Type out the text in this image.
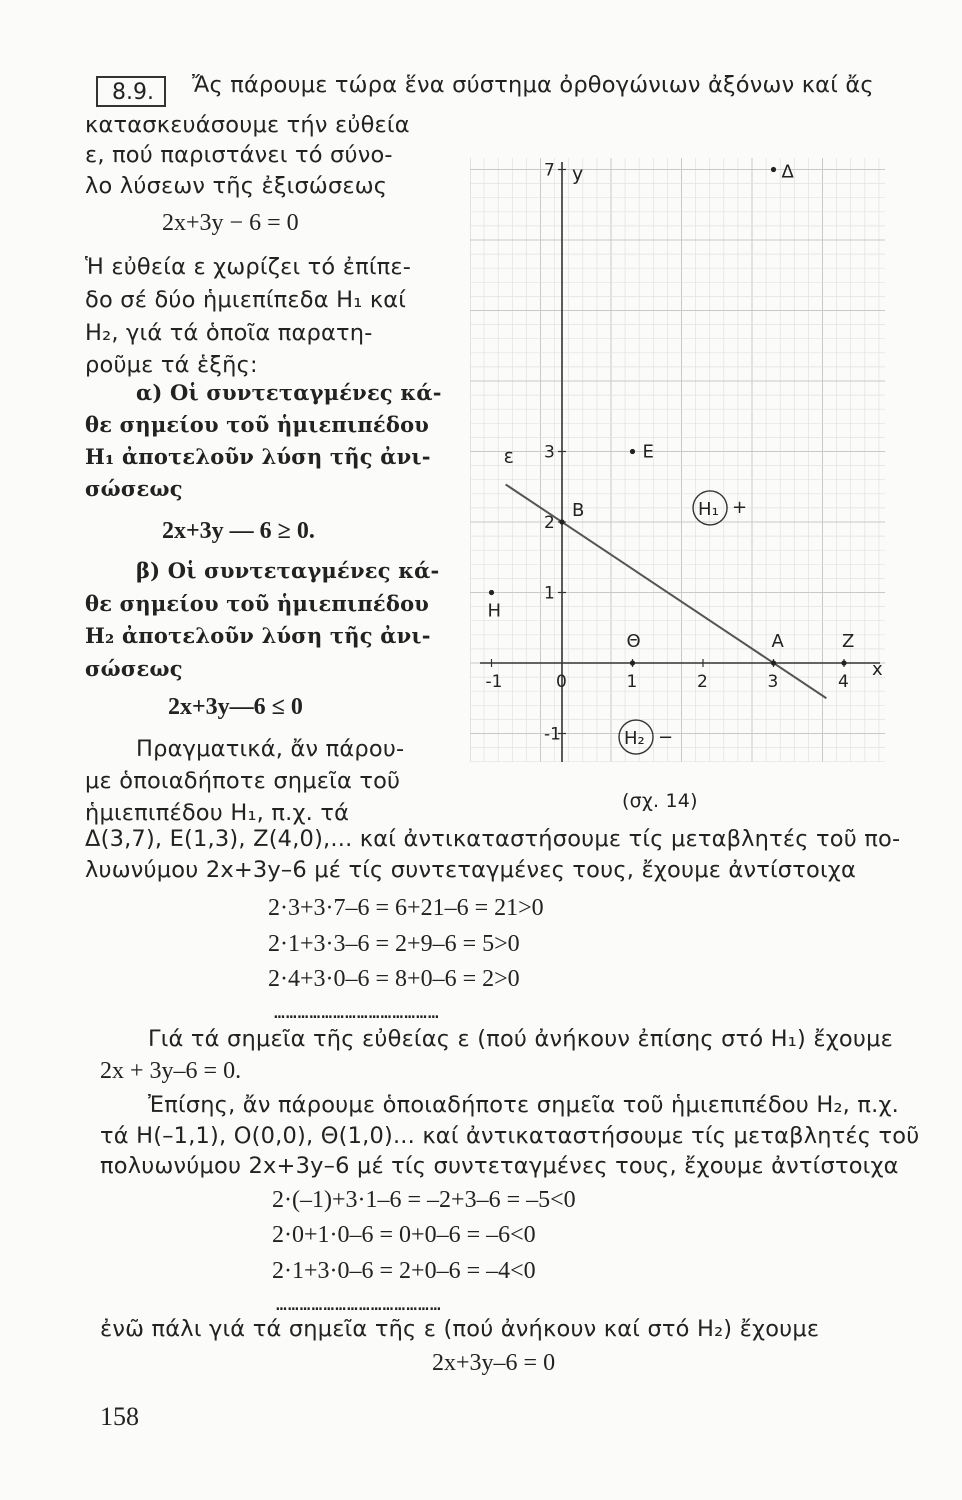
8.9.	Ἄς πάρουμε τώρα ἕνα σύστημα ὀρθογώνιων ἀξόνων καί ἄς
κατασκευάσουμε τήν εὐθεία
ε, πού παριστάνει τό σύνο-
λο λύσεων τῆς ἐξισώσεως
2x+3y − 6 = 0
Ἡ εὐθεία ε χωρίζει τό ἐπίπε-
δο σέ δύο ἡμιεπίπεδα H₁ καί
H₂, γιά τά ὁποῖα παρατη-
ροῦμε τά ἑξῆς:
α) Οἱ συντεταγμένες κά-
θε σημείου τοῦ ἡμιεπιπέδου
H₁ ἀποτελοῦν λύση τῆς ἀνι-
σώσεως
2x+3y — 6 ≥ 0.
β) Οἱ συντεταγμένες κά-
θε σημείου τοῦ ἡμιεπιπέδου
H₂ ἀποτελοῦν λύση τῆς ἀνι-
σώσεως
2x+3y—6 ≤ 0
Πραγματικά, ἄν πάρου-
με ὁποιαδήποτε σημεῖα τοῦ
ἡμιεπιπέδου H₁, π.χ. τά
x
y
-1	0	1	2	3	4
-1
1
2
3
7
ε
Δ
Ε
Β
Θ	Α	Ζ
Η
H₁ +
H₂ −
(σχ. 14)
Δ(3,7), Ε(1,3), Ζ(4,0),... καί ἀντικαταστήσουμε τίς μεταβλητές τοῦ πο-
λυωνύμου 2x+3y–6 μέ τίς συντεταγμένες τους, ἔχουμε ἀντίστοιχα
2·3+3·7–6 = 6+21–6 = 21>0
2·1+3·3–6 = 2+9–6 = 5>0
2·4+3·0–6 = 8+0–6 = 2>0
……………………………………
Γιά τά σημεῖα τῆς εὐθείας ε (πού ἀνήκουν ἐπίσης στό H₁) ἔχουμε
2x + 3y–6 = 0.
Ἐπίσης, ἄν πάρουμε ὁποιαδήποτε σημεῖα τοῦ ἡμιεπιπέδου H₂, π.χ.
τά Η(–1,1), Ο(0,0), Θ(1,0)... καί ἀντικαταστήσουμε τίς μεταβλητές τοῦ
πολυωνύμου 2x+3y–6 μέ τίς συντεταγμένες τους, ἔχουμε ἀντίστοιχα
2·(–1)+3·1–6 = –2+3–6 = –5<0
2·0+1·0–6 = 0+0–6 = –6<0
2·1+3·0–6 = 2+0–6 = –4<0
……………………………………
ἐνῶ πάλι γιά τά σημεῖα τῆς ε (πού ἀνήκουν καί στό H₂) ἔχουμε
2x+3y–6 = 0
158
